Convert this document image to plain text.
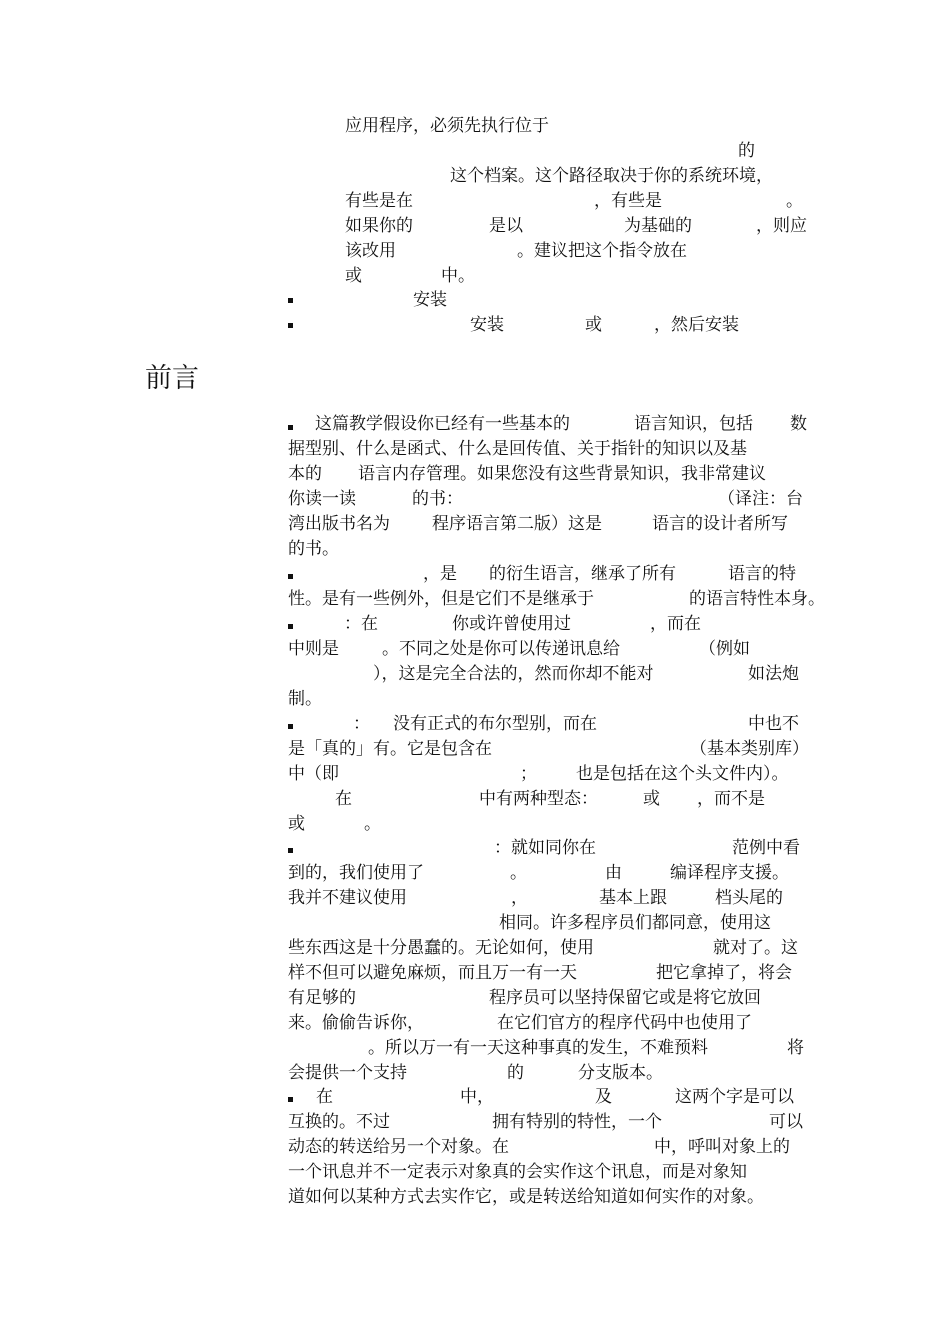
应用程序，必须先执行位于
的
这个档案。这个路径取决于你的系统环境，
有些是在	，有些是	。
如果你的	是以	为基础的	，则应
该改用	。建议把这个指令放在
或	中。
安装
安装	或	，然后安装
前言
这篇教学假设你已经有一些基本的	语言知识，包括 数
据型别、什么是函式、什么是回传值、关于指针的知识以及基
本的 语言内存管理。如果您没有这些背景知识，我非常建议
你读一读	的书：	（译注：台
湾出版书名为 程序语言第二版）这是	语言的设计者所写
的书。
，是 的衍生语言，继承了所有	语言的特
性。是有一些例外，但是它们不是继承于	的语言特性本身。
：在	你或许曾使用过	，而在
中则是	。不同之处是你可以传递讯息给	（例如
），这是完全合法的，然而你却不能对	如法炮
制。
： 没有正式的布尔型别，而在	中也不
是「真的」有。它是包含在	（基本类别库）
中（即	； 也是包括在这个头文件内）。
在	中有两种型态：	或 ，而不是
或	。
：就如同你在	范例中看
到的，我们使用了	。	由	编译程序支援。
我并不建议使用	，	基本上跟	档头尾的
相同。许多程序员们都同意，使用这
些东西这是十分愚蠢的。无论如何，使用	就对了。这
样不但可以避免麻烦，而且万一有一天	把它拿掉了，将会
有足够的	程序员可以坚持保留它或是将它放回
来。偷偷告诉你，	在它们官方的程序代码中也使用了
。所以万一有一天这种事真的发生，不难预料	将
会提供一个支持	的	分支版本。
在	中，	及	这两个字是可以
互换的。不过	拥有特别的特性，一个	可以
动态的转送给另一个对象。在	中，呼叫对象上的
一个讯息并不一定表示对象真的会实作这个讯息，而是对象知
道如何以某种方式去实作它，或是转送给知道如何实作的对象。
